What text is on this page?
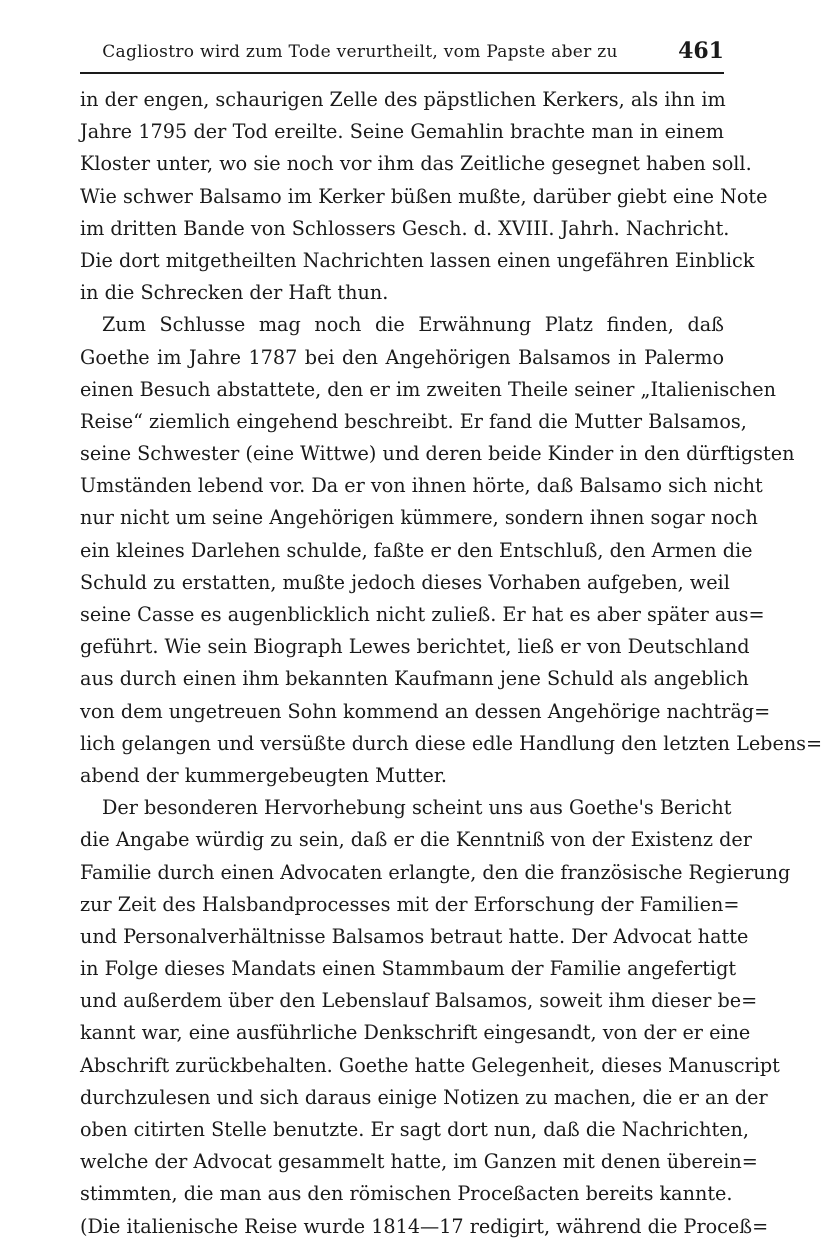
Cagliostro wird zum Tode verurtheilt, vom Papste aber zu	461
in der engen, schaurigen Zelle des päpstlichen Kerkers, als ihn im
Jahre 1795 der Tod ereilte. Seine Gemahlin brachte man in einem
Kloster unter, wo sie noch vor ihm das Zeitliche gesegnet haben soll.
Wie schwer Balsamo im Kerker büßen mußte, darüber giebt eine Note
im dritten Bande von Schlossers Gesch. d. XVIII. Jahrh. Nachricht.
Die dort mitgetheilten Nachrichten lassen einen ungefähren Einblick
in die Schrecken der Haft thun.
Zum Schlusse mag noch die Erwähnung Platz finden, daß
Goethe im Jahre 1787 bei den Angehörigen Balsamos in Palermo
einen Besuch abstattete, den er im zweiten Theile seiner „Italienischen
Reise“ ziemlich eingehend beschreibt. Er fand die Mutter Balsamos,
seine Schwester (eine Wittwe) und deren beide Kinder in den dürftigsten
Umständen lebend vor. Da er von ihnen hörte, daß Balsamo sich nicht
nur nicht um seine Angehörigen kümmere, sondern ihnen sogar noch
ein kleines Darlehen schulde, faßte er den Entschluß, den Armen die
Schuld zu erstatten, mußte jedoch dieses Vorhaben aufgeben, weil
seine Casse es augenblicklich nicht zuließ. Er hat es aber später aus=
geführt. Wie sein Biograph Lewes berichtet, ließ er von Deutschland
aus durch einen ihm bekannten Kaufmann jene Schuld als angeblich
von dem ungetreuen Sohn kommend an dessen Angehörige nachträg=
lich gelangen und versüßte durch diese edle Handlung den letzten Lebens=
abend der kummergebeugten Mutter.
Der besonderen Hervorhebung scheint uns aus Goethe's Bericht
die Angabe würdig zu sein, daß er die Kenntniß von der Existenz der
Familie durch einen Advocaten erlangte, den die französische Regierung
zur Zeit des Halsbandprocesses mit der Erforschung der Familien=
und Personalverhältnisse Balsamos betraut hatte. Der Advocat hatte
in Folge dieses Mandats einen Stammbaum der Familie angefertigt
und außerdem über den Lebenslauf Balsamos, soweit ihm dieser be=
kannt war, eine ausführliche Denkschrift eingesandt, von der er eine
Abschrift zurückbehalten. Goethe hatte Gelegenheit, dieses Manuscript
durchzulesen und sich daraus einige Notizen zu machen, die er an der
oben citirten Stelle benutzte. Er sagt dort nun, daß die Nachrichten,
welche der Advocat gesammelt hatte, im Ganzen mit denen überein=
stimmten, die man aus den römischen Proceßacten bereits kannte.
(Die italienische Reise wurde 1814—17 redigirt, während die Proceß=
